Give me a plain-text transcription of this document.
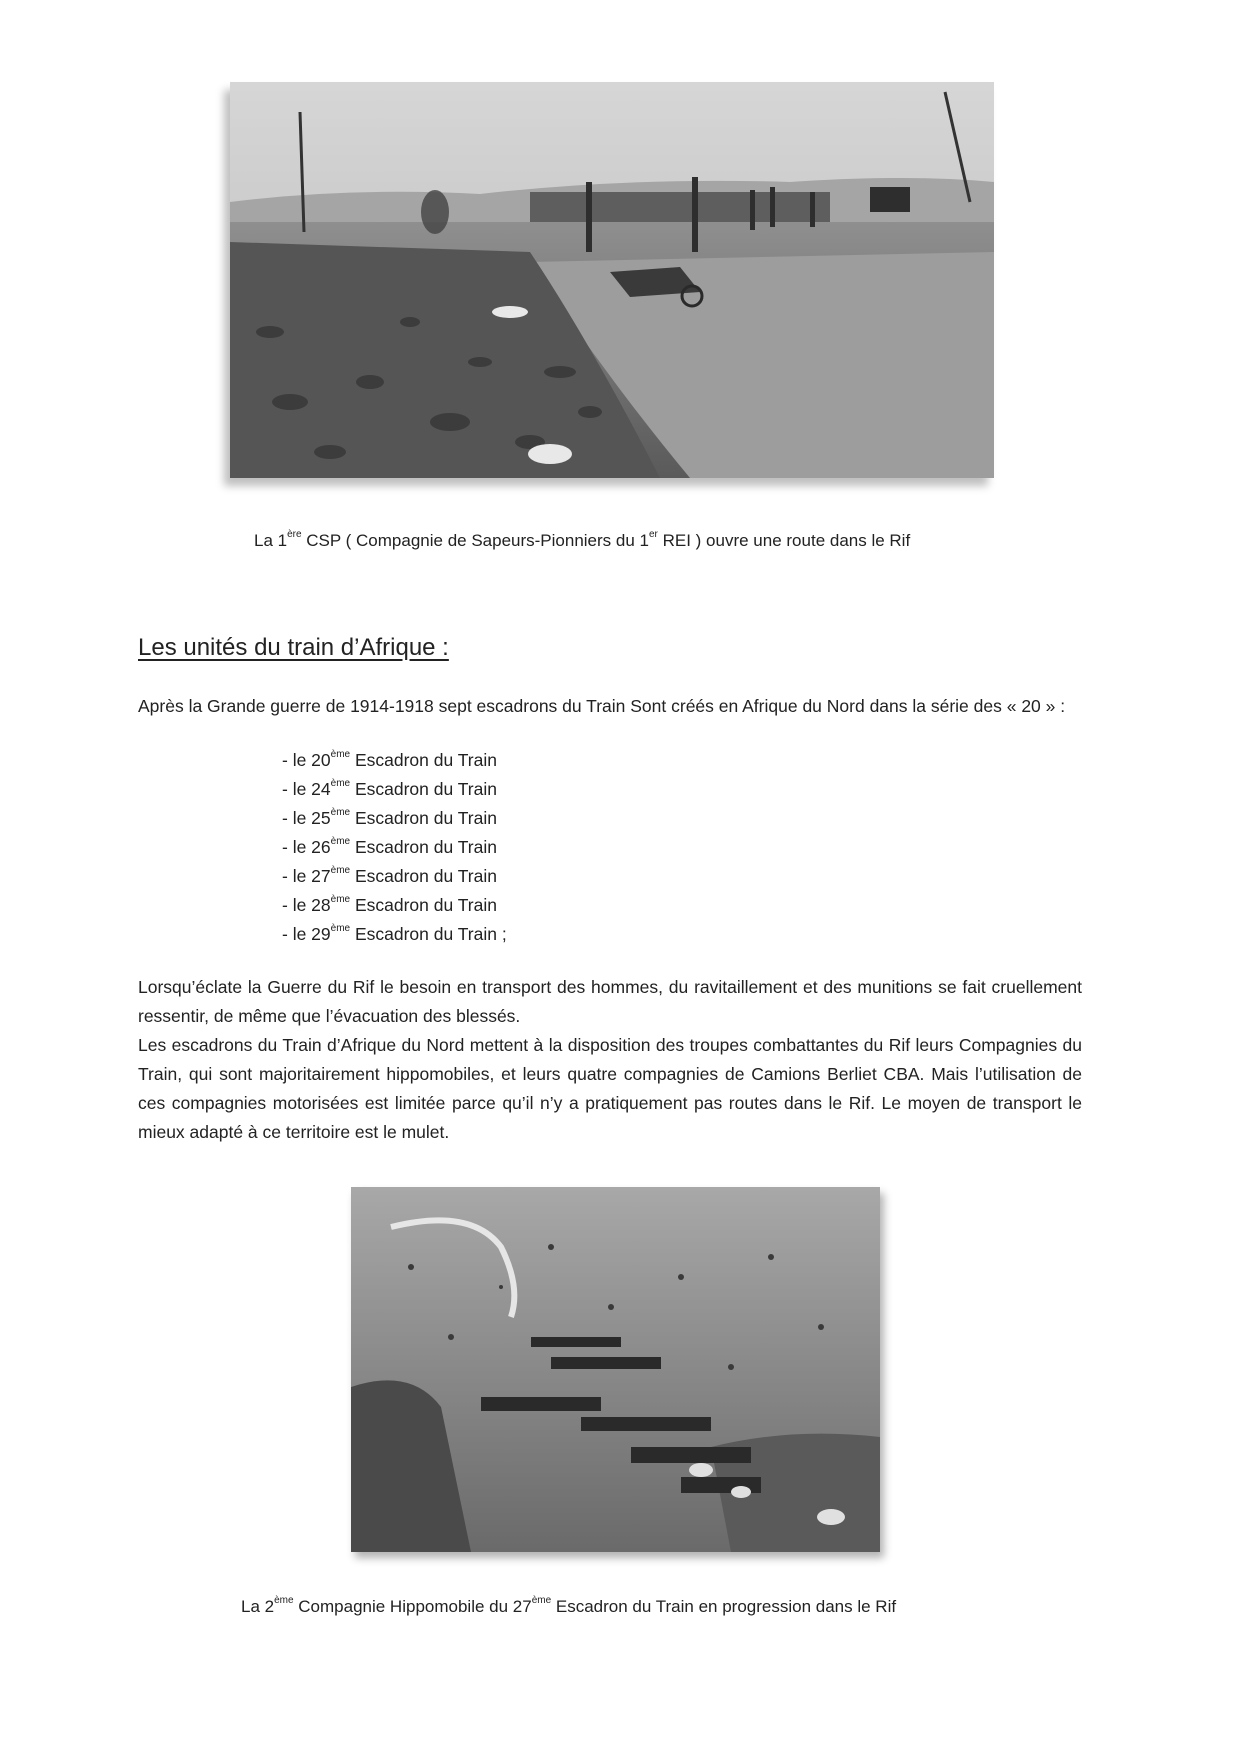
La 1ère CSP ( Compagnie de Sapeurs-Pionniers du 1er REI ) ouvre une route dans le Rif
Les unités du train d’Afrique :

Après la Grande guerre de 1914-1918 sept escadrons du Train Sont créés en Afrique du Nord dans la série des « 20 » :

- le 20ème Escadron du Train
- le 24ème Escadron du Train
- le 25ème Escadron du Train
- le 26ème Escadron du Train
- le 27ème Escadron du Train
- le 28ème Escadron du Train
- le 29ème Escadron du Train ;

Lorsqu’éclate la Guerre du Rif le besoin en transport des hommes, du ravitaillement et des munitions se fait cruellement ressentir, de même que l’évacuation des blessés.

Les escadrons du Train d’Afrique du Nord mettent à la disposition des troupes combattantes du Rif leurs Compagnies du Train, qui sont majoritairement hippomobiles, et leurs quatre compagnies de Camions Berliet CBA. Mais l’utilisation de ces compagnies motorisées est limitée parce qu’il n’y a pratiquement pas routes dans le Rif. Le moyen de transport le mieux adapté à ce territoire est le mulet.

La 2ème Compagnie Hippomobile du 27ème Escadron du Train en progression dans le Rif
